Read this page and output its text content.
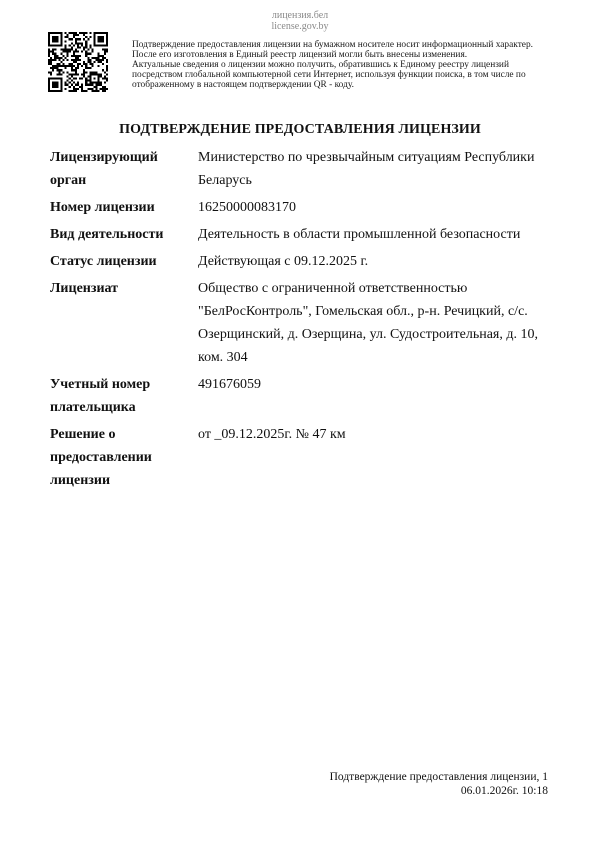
лицензия.бел
license.gov.by

Подтверждение предоставления лицензии на бумажном носителе носит информационный характер.

После его изготовления в Единый реестр лицензий могли быть внесены изменения.

Актуальные сведения о лицензии можно получить, обратившись к Единому реестру лицензий

посредством глобальной компьютерной сети Интернет, используя функции поиска, в том числе по

отображенному в настоящем подтверждении QR - коду.

ПОДТВЕРЖДЕНИЕ ПРЕДОСТАВЛЕНИЯ ЛИЦЕНЗИИ
Лицензирующий
орган	Министерство по чрезвычайным ситуациям Республики Беларусь

Номер лицензии	16250000083170

Вид деятельности	Деятельность в области промышленной безопасности

Статус лицензии	Действующая с 09.12.2025 г.

Лицензиат	Общество с ограниченной ответственностью "БелРосКонтроль", Гомельская обл., р-н. Речицкий, с/с. Озерщинский, д. Озерщина, ул. Судостроительная, д. 10, ком. 304

Учетный номер
плательщика	491676059

Решение о
предоставлении
лицензии	от _09.12.2025г. № 47 км
Подтверждение предоставления лицензии, 1
06.01.2026г. 10:18
